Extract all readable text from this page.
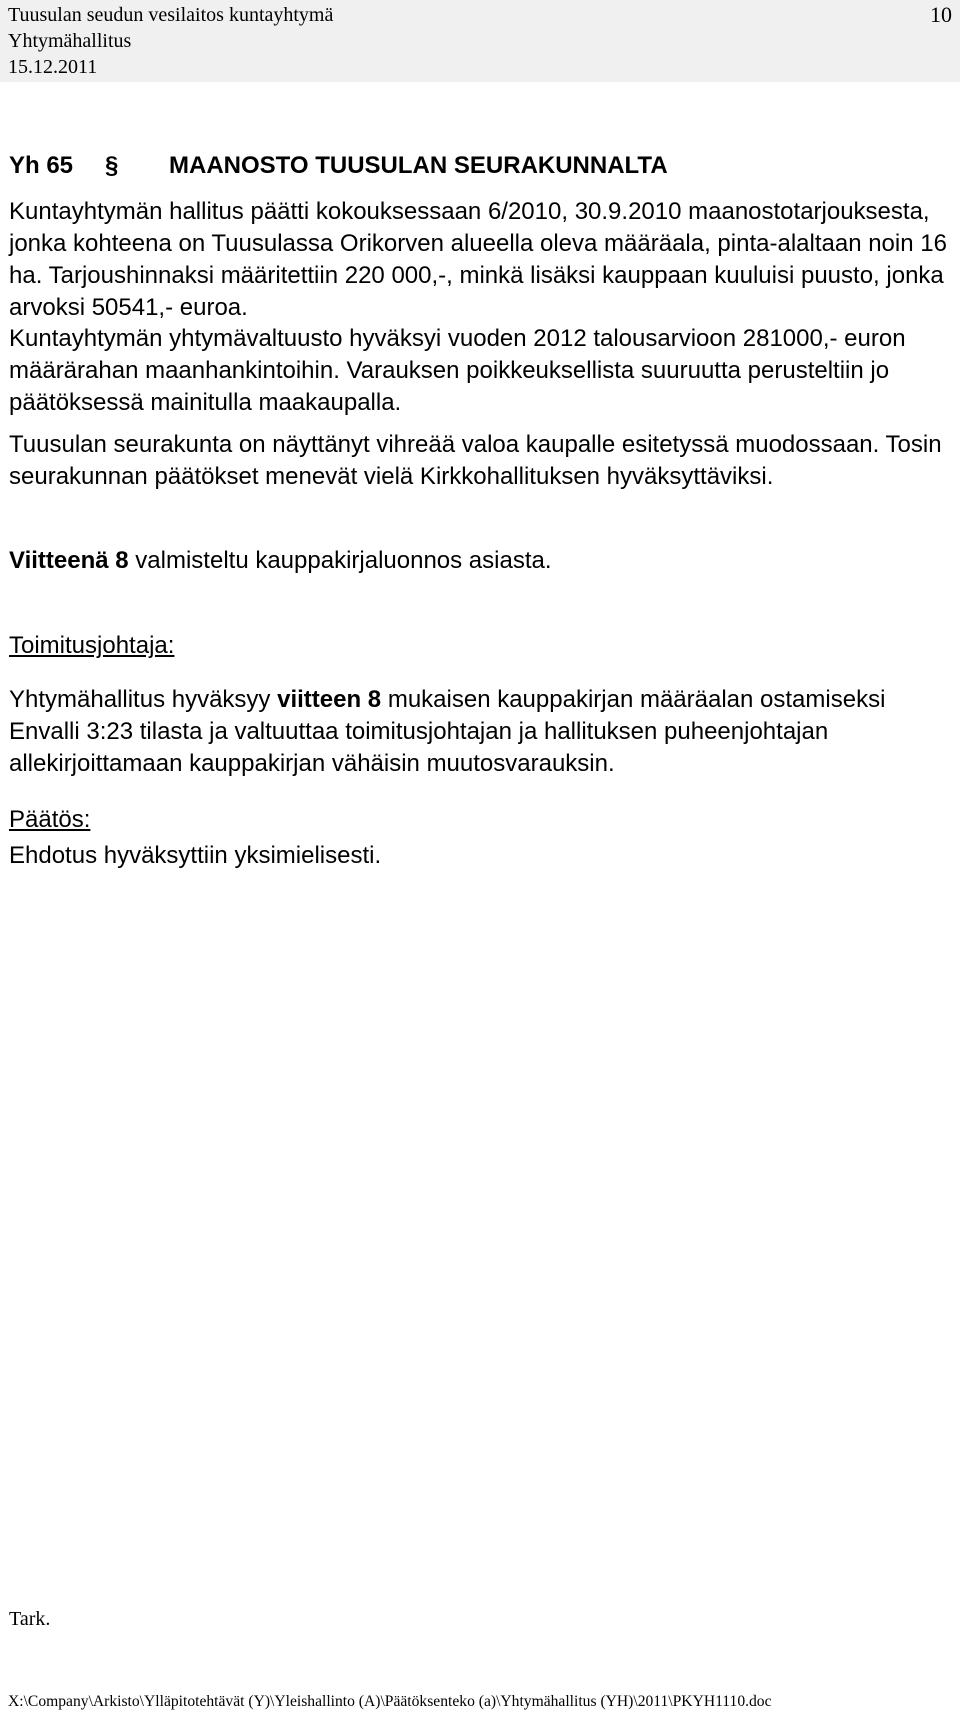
Tuusulan seudun vesilaitos kuntayhtymä
Yhtymähallitus
15.12.2011
10
Yh 65 § MAANOSTO TUUSULAN SEURAKUNNALTA

Kuntayhtymän hallitus päätti kokouksessaan 6/2010, 30.9.2010 maanostotarjouksesta, jonka kohteena on Tuusulassa Orikorven alueella oleva määräala, pinta-alaltaan noin 16 ha. Tarjoushinnaksi määritettiin 220 000,-, minkä lisäksi kauppaan kuuluisi puusto, jonka arvoksi 50541,- euroa.

Kuntayhtymän yhtymävaltuusto hyväksyi vuoden 2012 talousarvioon 281000,- euron määrärahan maanhankintoihin. Varauksen poikkeuksellista suuruutta perusteltiin jo päätöksessä mainitulla maakaupalla.

Tuusulan seurakunta on näyttänyt vihreää valoa kaupalle esitetyssä muodossaan. Tosin seurakunnan päätökset menevät vielä Kirkkohallituksen hyväksyttäviksi.

Viitteenä 8 valmisteltu kauppakirjaluonnos asiasta.

Toimitusjohtaja:

Yhtymähallitus hyväksyy viitteen 8 mukaisen kauppakirjan määräalan ostamiseksi Envalli 3:23 tilasta ja valtuuttaa toimitusjohtajan ja hallituksen puheenjohtajan allekirjoittamaan kauppakirjan vähäisin muutosvarauksin.

Päätös:

Ehdotus hyväksyttiin yksimielisesti.

Tark.
X:\Company\Arkisto\Ylläpitotehtävät (Y)\Yleishallinto (A)\Päätöksenteko (a)\Yhtymähallitus (YH)\2011\PKYH1110.doc
